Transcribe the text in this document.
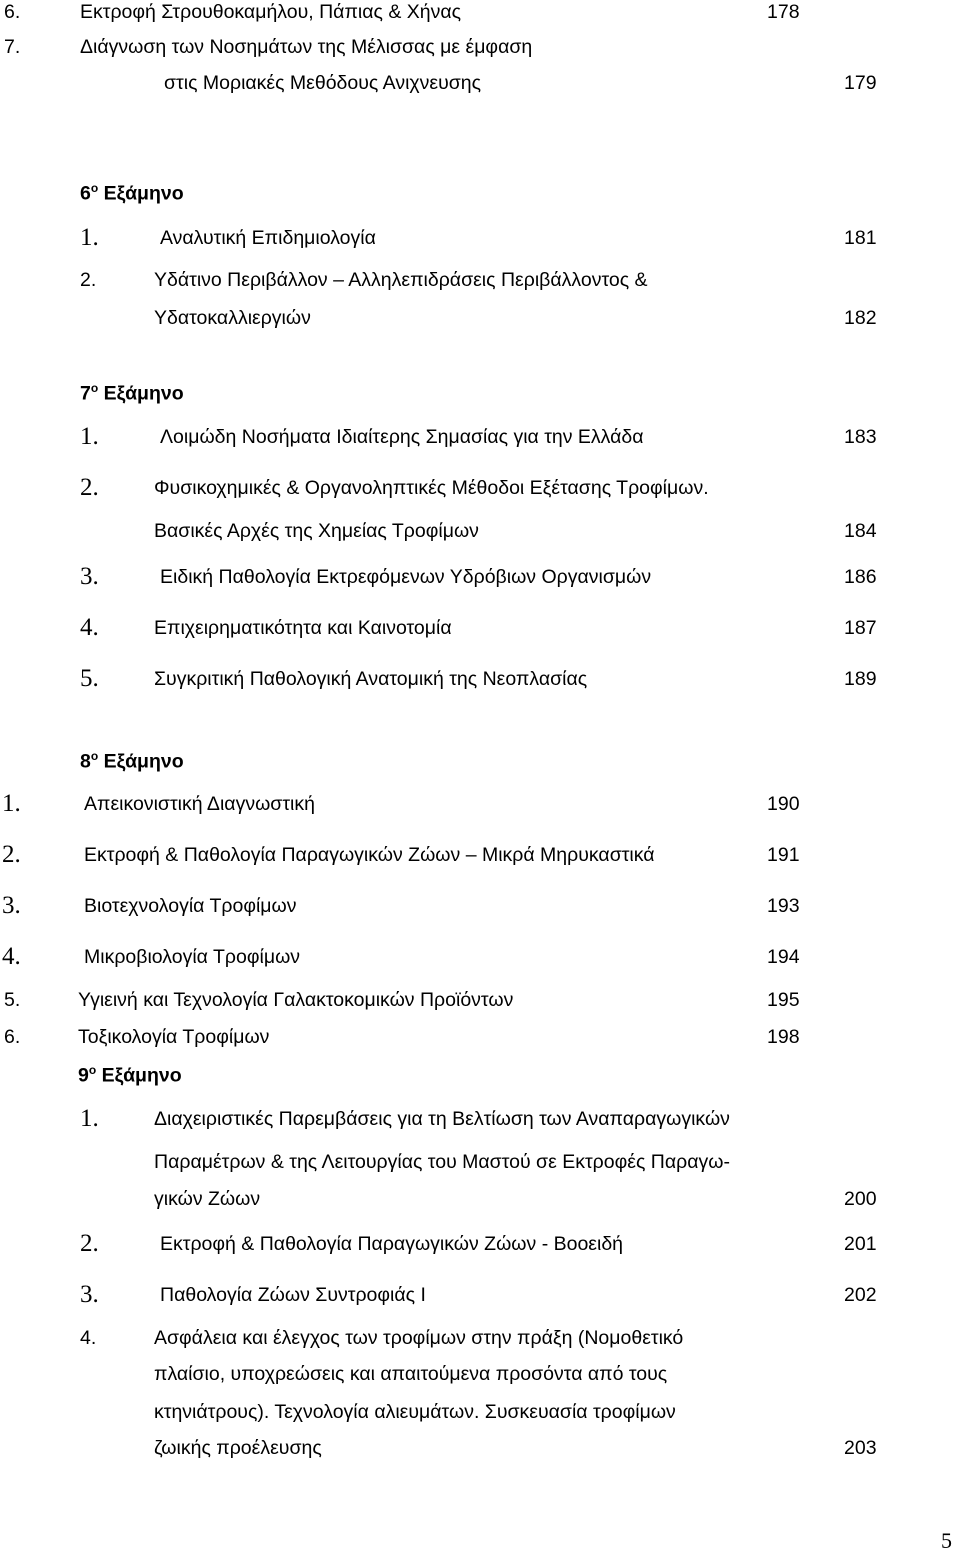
6.	Εκτροφή Στρουθοκαμήλου, Πάπιας & Χήνας	178
7.	Διάγνωση των Νοσημάτων της Μέλισσας με έμφαση
στις Μοριακές Μεθόδους Ανιχνευσης	179
$6^o$ Εξάμηνο
1.	Αναλυτική Επιδημιολογία	181
2.	Υδάτινο Περιβάλλον – Αλληλεπιδράσεις Περιβάλλοντος &
Υδατοκαλλιεργιών	182
$7^o$ Εξάμηνο
1.	Λοιμώδη Νοσήματα Ιδιαίτερης Σημασίας για την Ελλάδα	183
2.	Φυσικοχημικές & Οργανοληπτικές Μέθοδοι Εξέτασης Τροφίμων.
Βασικές Αρχές της Χημείας Τροφίμων	184
3.	Ειδική Παθολογία Εκτρεφόμενων Υδρόβιων Οργανισμών	186
4.	Επιχειρηματικότητα και Καινοτομία	187
5.	Συγκριτική Παθολογική Ανατομική της Νεοπλασίας	189
$8^o$ Εξάμηνο
1.	Απεικονιστική Διαγνωστική	190
2.	Εκτροφή & Παθολογία Παραγωγικών Ζώων – Μικρά Μηρυκαστικά	191
3.	Βιοτεχνολογία Τροφίμων	193
4.	Μικροβιολογία Τροφίμων	194
5.	Υγιεινή και Τεχνολογία Γαλακτοκομικών Προϊόντων	195
6.	Τοξικολογία Τροφίμων	198
$9^o$ Εξάμηνο
1.	Διαχειριστικές Παρεμβάσεις για τη Βελτίωση των Αναπαραγωγικών
Παραμέτρων & της Λειτουργίας του Μαστού σε Εκτροφές Παραγω-
γικών Ζώων	200
2.	Εκτροφή & Παθολογία Παραγωγικών Ζώων - Βοοειδή	201
3.	Παθολογία Ζώων Συντροφιάς Ι	202
4.	Ασφάλεια και έλεγχος των τροφίμων στην πράξη (Νομοθετικό
πλαίσιο, υποχρεώσεις και απαιτούμενα προσόντα από τους
κτηνιάτρους). Τεχνολογία αλιευμάτων. Συσκευασία τροφίμων
ζωικής προέλευσης	203
5
